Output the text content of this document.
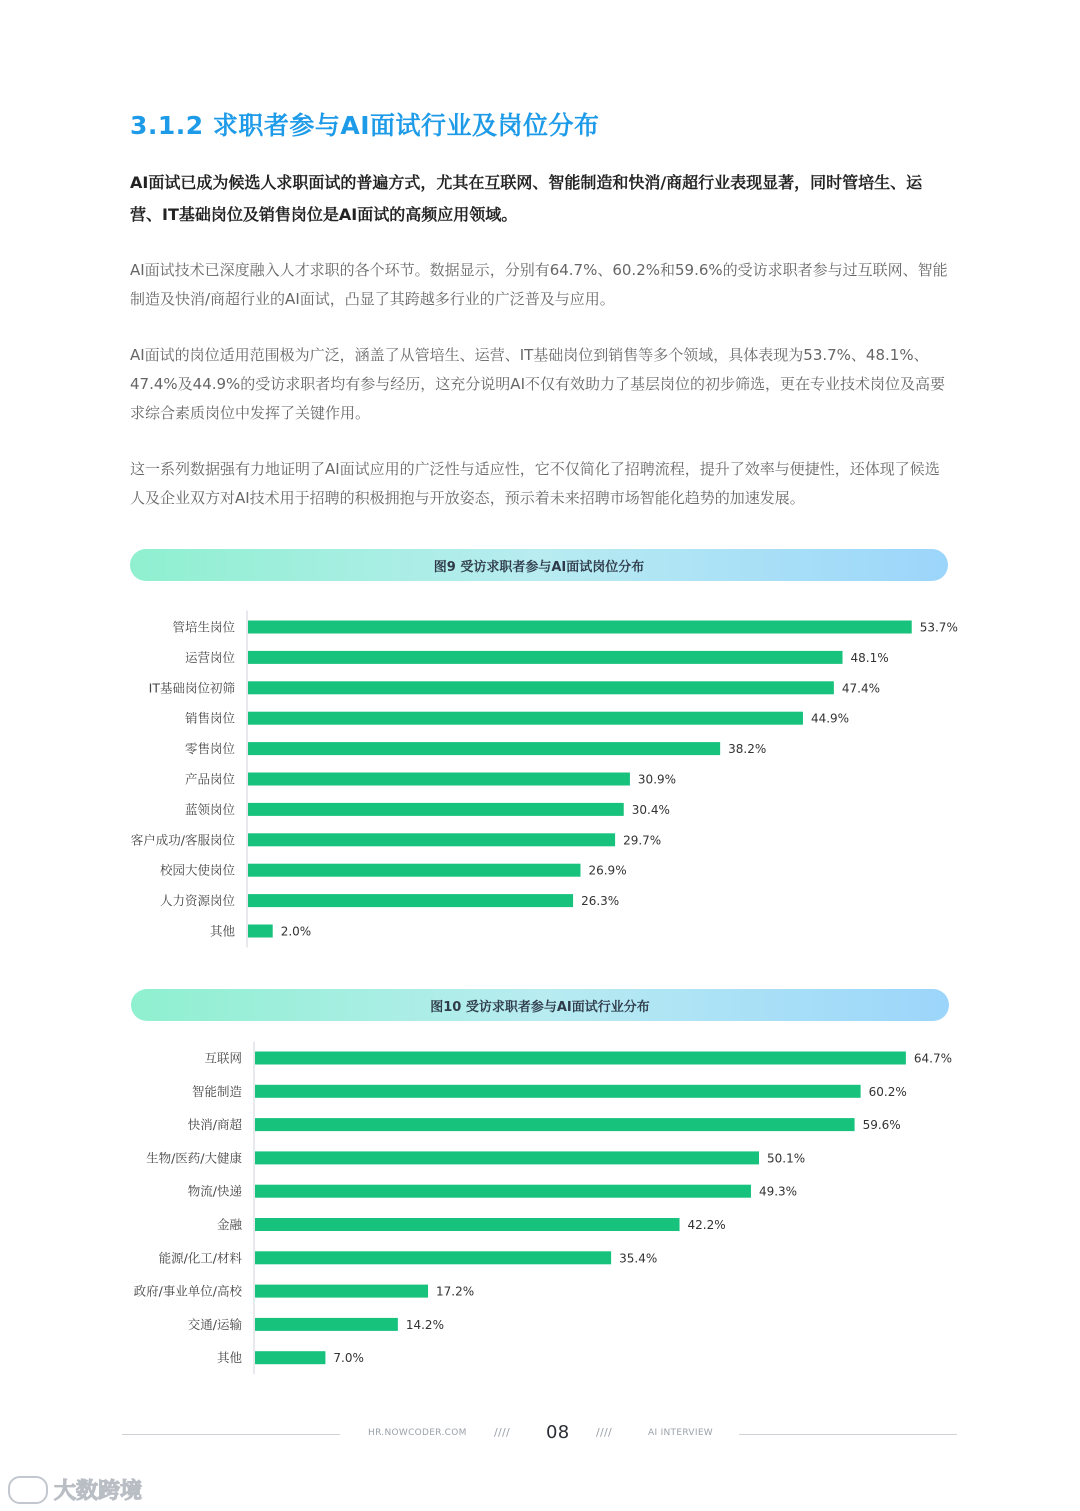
3.1.2 求职者参与AI面试行业及岗位分布
AI面试已成为候选人求职面试的普遍方式，尤其在互联网、智能制造和快消/商超行业表现显著，同时管培生、运营、IT基础岗位及销售岗位是AI面试的高频应用领域。
AI面试技术已深度融入人才求职的各个环节。数据显示，分别有64.7%、60.2%和59.6%的受访求职者参与过互联网、智能制造及快消/商超行业的AI面试，凸显了其跨越多行业的广泛普及与应用。
AI面试的岗位适用范围极为广泛，涵盖了从管培生、运营、IT基础岗位到销售等多个领域，具体表现为53.7%、48.1%、47.4%及44.9%的受访求职者均有参与经历，这充分说明AI不仅有效助力了基层岗位的初步筛选，更在专业技术岗位及高要求综合素质岗位中发挥了关键作用。
这一系列数据强有力地证明了AI面试应用的广泛性与适应性，它不仅简化了招聘流程，提升了效率与便捷性，还体现了候选人及企业双方对AI技术用于招聘的积极拥抱与开放姿态，预示着未来招聘市场智能化趋势的加速发展。
图9 受访求职者参与AI面试岗位分布
图10 受访求职者参与AI面试行业分布
管培生岗位	53.7%
运营岗位	48.1%
IT基础岗位初筛	47.4%
销售岗位	44.9%
零售岗位	38.2%
产品岗位	30.9%
蓝领岗位	30.4%
客户成功/客服岗位	29.7%
校园大使岗位	26.9%
人力资源岗位	26.3%
其他	2.0%
互联网	64.7%
智能制造	60.2%
快消/商超	59.6%
生物/医药/大健康	50.1%
物流/快递	49.3%
金融	42.2%
能源/化工/材料	35.4%
政府/事业单位/高校	17.2%
交通/运输	14.2%
其他	7.0%
HR.NOWCODER.COM //// 08 ////	AI INTERVIEW
大数跨境
